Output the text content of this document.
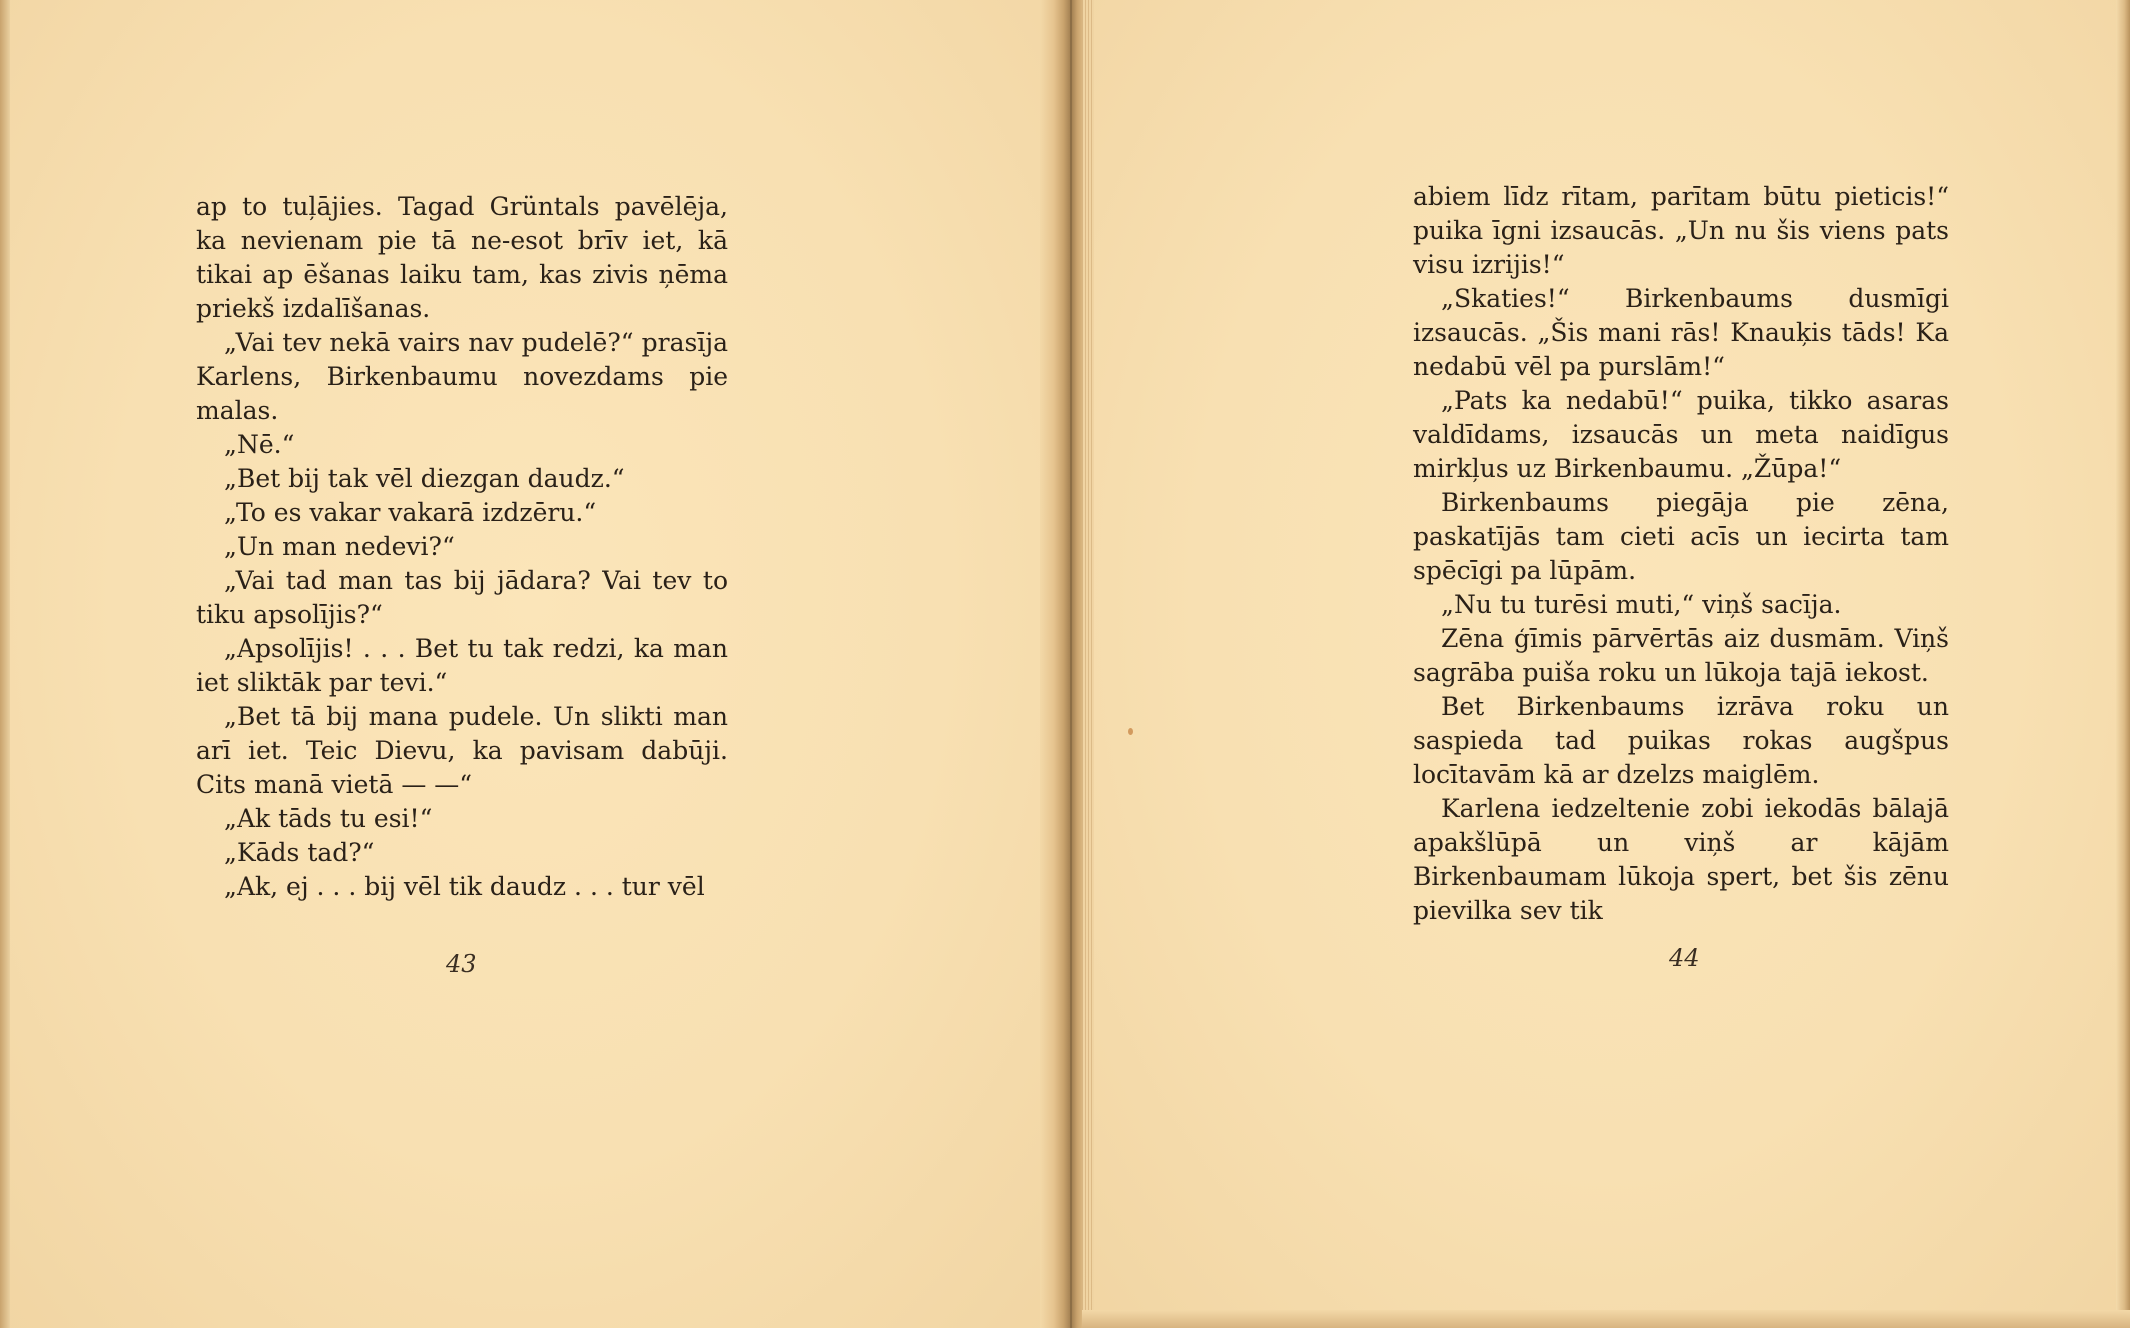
ap to tuļājies. Tagad Grüntals pavēlēja, ka nevienam pie tā ne-esot brīv iet, kā tikai ap ēšanas laiku tam, kas zivis ņēma priekš izdalīšanas.

„Vai tev nekā vairs nav pudelē?“ prasīja Karlens, Birkenbaumu novezdams pie malas.

„Nē.“

„Bet bij tak vēl diezgan daudz.“

„To es vakar vakarā izdzēru.“

„Un man nedevi?“

„Vai tad man tas bij jādara? Vai tev to tiku apsolījis?“

„Apsolījis! . . . Bet tu tak redzi, ka man iet sliktāk par tevi.“

„Bet tā bij mana pudele. Un slikti man arī iet. Teic Dievu, ka pavisam dabūji. Cits manā vietā — —“

„Ak tāds tu esi!“

„Kāds tad?“

„Ak, ej . . . bij vēl tik daudz . . . tur vēl

43

abiem līdz rītam, parītam būtu pieticis!“ puika īgni izsaucās. „Un nu šis viens pats visu izrijis!“

„Skaties!“ Birkenbaums dusmīgi izsaucās. „Šis mani rās! Knauķis tāds! Ka nedabū vēl pa purslām!“

„Pats ka nedabū!“ puika, tikko asaras valdīdams, izsaucās un meta naidīgus mirkļus uz Birkenbaumu. „Žūpa!“

Birkenbaums piegāja pie zēna, paskatījās tam cieti acīs un iecirta tam spēcīgi pa lūpām.

„Nu tu turēsi muti,“ viņš sacīja.

Zēna ģīmis pārvērtās aiz dusmām. Viņš sagrāba puiša roku un lūkoja tajā iekost.

Bet Birkenbaums izrāva roku un saspieda tad puikas rokas augšpus locītavām kā ar dzelzs maiglēm.

Karlena iedzeltenie zobi iekodās bālajā apakšlūpā un viņš ar kājām Birkenbaumam lūkoja spert, bet šis zēnu pievilka sev tik

44
